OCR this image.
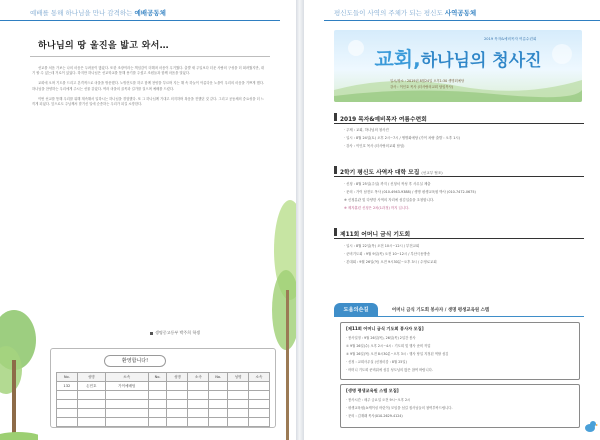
예배를 통해 하나님을 만나 감격하는 예배공동체
하나님의 땅 울진을 밟고 와서…

선교를 처음 가보는 나의 마음은 두려움이 많았다. 또한 조장이라는 책임감이 더해져 마음이 무거웠다. 출발 새 주일보다 더운 사람의 구성을 더 떠려웠지만, 대기 할 수 있는데 거로이 있었다. 하지만 하나님은 선교학교를 통해 용기를 주셨고 조원들과 함께 마음을 열었다.

교회에 오며 기도를 드리고 본격적으로 마을을 방문했다. 노방전도를 하고 함께 찬양을 부르며 지는 해 속 하늘이 아름다운 노을이 우리의 마음을 기쁘게 했다. 하나님을 찬양하는 우리에게 주시는 선물 같았다. 여러 마을의 골목과 길가를 걸으며 예배를 드렸다.

이번 선교를 통해 우리를 위해 계속해서 일하시는 하나님을 경험했다. 또 그 하나님께 기대고 의지하며 복음을 전했던 것 같다. 그리고 공동체의 중요성을 더 느끼게 되었다. 앞으로도 주님께서 맡기신 일에 순종하는 우리가 되길 소망한다.

생명중고등부 박주희 학생
환영합니다!
No.	성명	소속	No.	성명	소속	No.	성명	소속
132	손민호	가이예배팀						

평신도들이 사역의 주체가 되는 평신도 사역공동체
2019 목자&예비목자 여름수련회
교회,하나님의 청사진
일시/장소 : 2019년 8월24일 오후1:30 생명회예당
강사 : 이인호 목사 (더사랑의교회 담임목사)
2019 목자&예비목자 여름수련회
· 주제 : 교회, 하나님의 청사진
· 일시 : 8월 24일(토) 오후 2시~7시 / 생명회예당 (가이 차량 출발 : 오후 1시)
· 강사 : 이인호 목사 (더사랑의교회 담임)
2학기 평신도 사역자 대학 모집 (선교부 협조)
· 신청 : 8월 25일(주일) 까지 / 신청서 작성 후 사무실 제출
· 문의 : 가이 남전도 목사 (010-4943-9388) / 생명 평생교육원 박사 (010-7472-0675)
※ 신청분관 및 다양한 사역의 자리에 섬김입술을 초청합니다.
※ 제자훈련 신청은 2차(1과정) 까지 입니다.
제11회 어머니 금식 기도회
· 일시 : 8월 22일(목) 오전 10시~12시 / 부전교회
· 준비기도회 : 9월 9일(목) 오전 10~12시 / 부산극동방송
· 본대회 : 9월 26일(목) 오전 9시30분~오후 3시 / 수영로교회
도움의손길	어머니 금식 기도회 봉사자 / 생명 평생교육원 스텝
[제11회 어머니 금식 기도회 봉사자 모집]
· 봉사일정 : 9월 26일(목), 26일(목) 2일간 봉사
① 9월 26일(수) 오후 2시~4시 : 기도회 및 행사 준비 작업
② 9월 26일(목) 오전 8시30분~오후 3시 : 행사 당일 지정된 역할 섬김
· 신청 : 교회사무실 (신청마감 : 8월 25일)
· 어머니 기도회 준비위에 섬김 성도님의 많은 참여 바랍니다.
[생명 평생교육원 스텝 모집]
· 봉사시간 : 매주 금요일 오전 9시~오후 2시
· 평생교육원(쇼케이싱 어린이) 모임을 섬길 집사님들의 참여부탁드립니다.
· 문의 : 김재래 목사(010-2629-4124)
